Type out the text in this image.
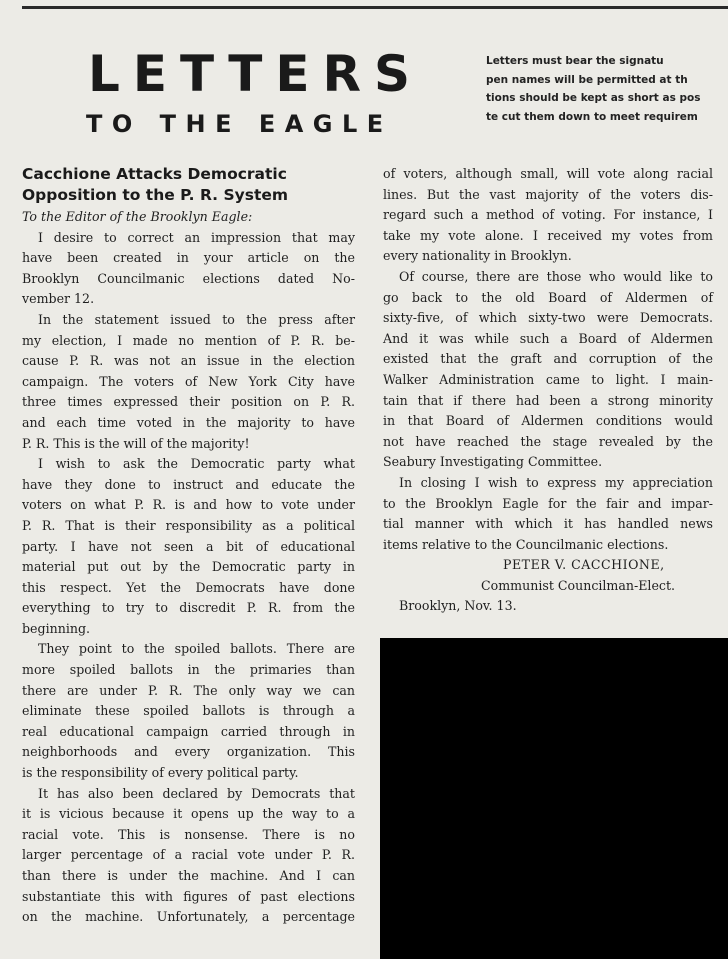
LETTERS
TO THE EAGLE
Letters must bear the signatu
pen names will be permitted at th
tions should be kept as short as pos
te cut them down to meet requirem
Cacchione Attacks Democratic
Opposition to the P. R. System
To the Editor of the Brooklyn Eagle:
I desire to correct an impression that may
have been created in your article on the
Brooklyn Councilmanic elections dated No-
vember 12.
In the statement issued to the press after
my election, I made no mention of P. R. be-
cause P. R. was not an issue in the election
campaign. The voters of New York City have
three times expressed their position on P. R.
and each time voted in the majority to have
P. R. This is the will of the majority!
I wish to ask the Democratic party what
have they done to instruct and educate the
voters on what P. R. is and how to vote under
P. R. That is their responsibility as a political
party. I have not seen a bit of educational
material put out by the Democratic party in
this respect. Yet the Democrats have done
everything to try to discredit P. R. from the
beginning.
They point to the spoiled ballots. There are
more spoiled ballots in the primaries than
there are under P. R. The only way we can
eliminate these spoiled ballots is through a
real educational campaign carried through in
neighborhoods and every organization. This
is the responsibility of every political party.
It has also been declared by Democrats that
it is vicious because it opens up the way to a
racial vote. This is nonsense. There is no
larger percentage of a racial vote under P. R.
than there is under the machine. And I can
substantiate this with figures of past elections
on the machine. Unfortunately, a percentage
of voters, although small, will vote along racial
lines. But the vast majority of the voters dis-
regard such a method of voting. For instance, I
take my vote alone. I received my votes from
every nationality in Brooklyn.
Of course, there are those who would like to
go back to the old Board of Aldermen of
sixty-five, of which sixty-two were Democrats.
And it was while such a Board of Aldermen
existed that the graft and corruption of the
Walker Administration came to light. I main-
tain that if there had been a strong minority
in that Board of Aldermen conditions would
not have reached the stage revealed by the
Seabury Investigating Committee.
In closing I wish to express my appreciation
to the Brooklyn Eagle for the fair and impar-
tial manner with which it has handled news
items relative to the Councilmanic elections.
PETER V. CACCHIONE,
Communist Councilman-Elect.
Brooklyn, Nov. 13.
